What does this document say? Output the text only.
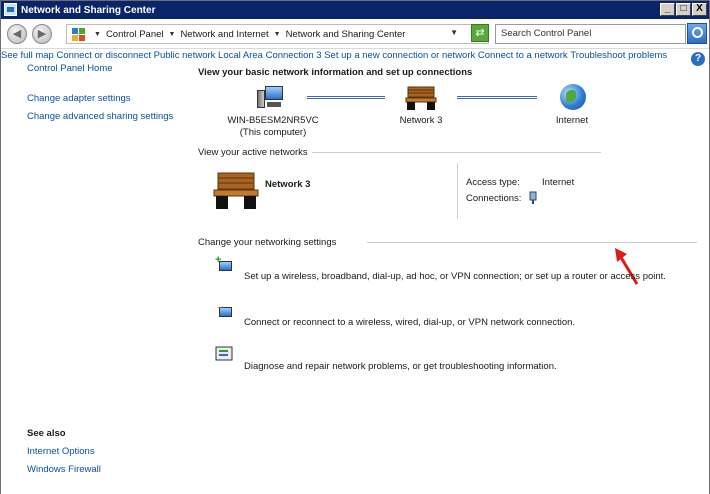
Network and Sharing Center	_	□ X
◀	▶	▼ Control Panel ▼ Network and Internet ▼ Network and Sharing Center	▼	⇄	Search Control Panel
?
Control Panel Home
Change adapter settings
Change advanced sharing settings
See also
Internet Options
Windows Firewall
View your basic network information and set up connections
See full map
WIN-B5ESM2NR5VC
(This computer)
Network 3	Internet
View your active networks
Connect or disconnect
Network 3
Public network
Access type: Internet
Connections:
Local Area Connection 3
Change your networking settings
+
Set up a new connection or network
Set up a wireless, broadband, dial-up, ad hoc, or VPN connection; or set up a router or access point.
→
Connect to a network
Connect or reconnect to a wireless, wired, dial-up, or VPN network connection.
Troubleshoot problems
Diagnose and repair network problems, or get troubleshooting information.
